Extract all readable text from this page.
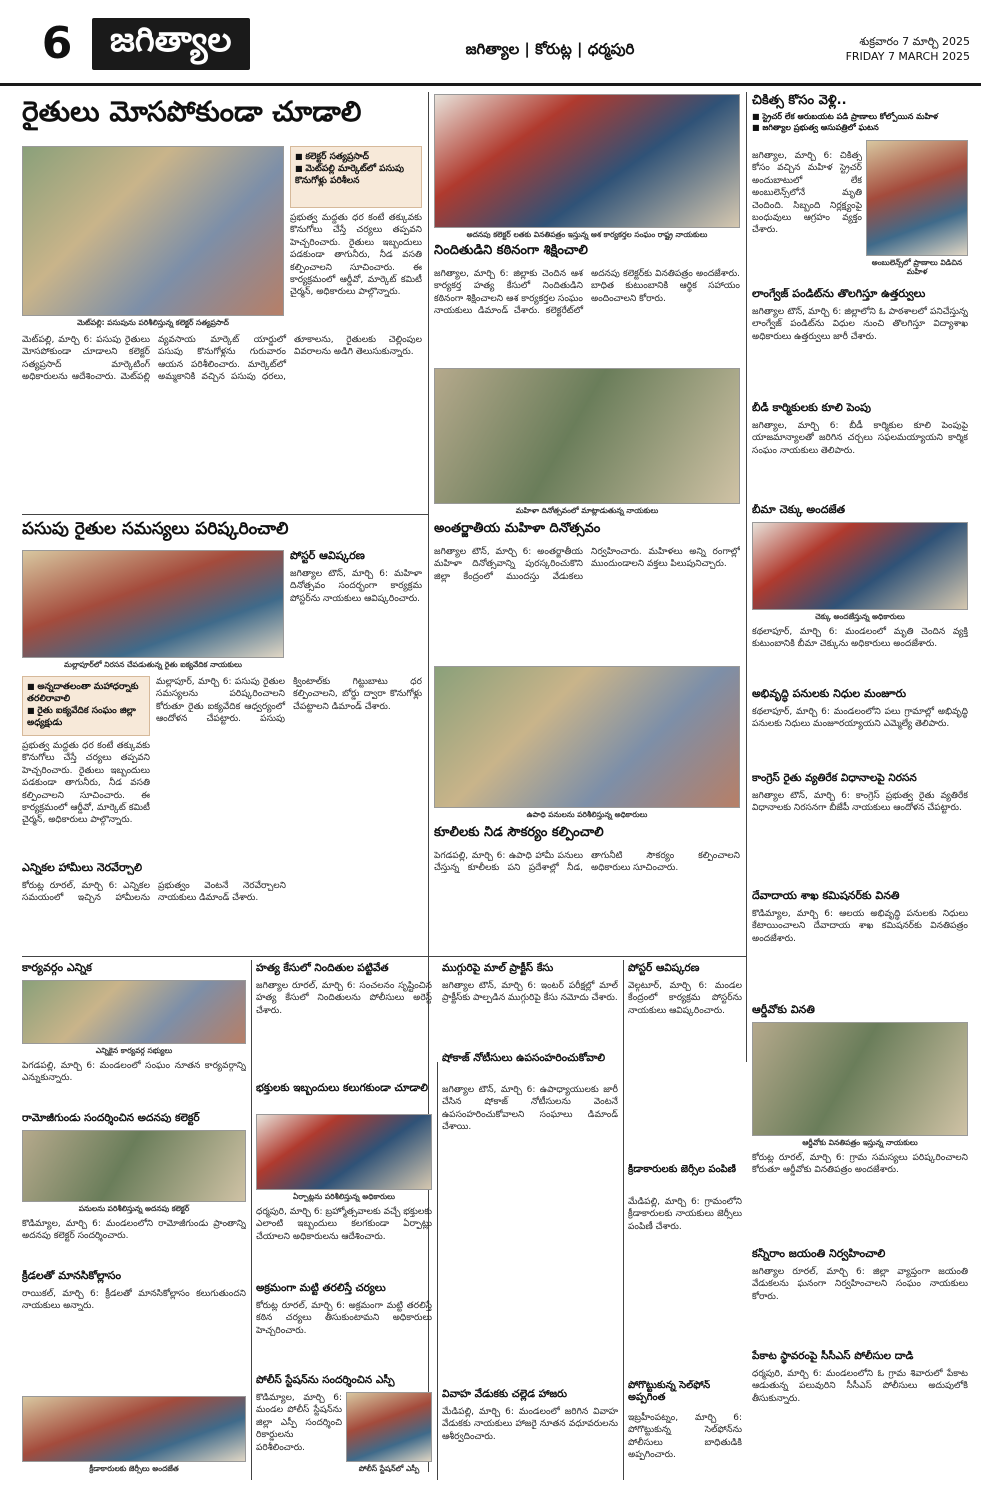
6	జగిత్యాల	జగిత్యాల | కోరుట్ల | ధర్మపురి	శుక్రవారం 7 మార్చి 2025
FRIDAY 7 MARCH 2025
రైతులు మోసపోకుండా చూడాలి
మెట్‌పల్లి: పసుపును పరిశీలిస్తున్న కలెక్టర్ సత్యప్రసాద్
■ కలెక్టర్ సత్యప్రసాద్
■ మెట్‌పల్లి మార్కెట్‌లో పసుపు కొనుగోళ్లు పరిశీలన
ప్రభుత్వ మద్దతు ధర కంటే తక్కువకు కొనుగోలు చేస్తే చర్యలు తప్పవని హెచ్చరించారు. రైతులు ఇబ్బందులు పడకుండా తాగునీరు, నీడ వసతి కల్పించాలని సూచించారు. ఈ కార్యక్రమంలో ఆర్డీవో, మార్కెట్ కమిటీ చైర్మన్, అధికారులు పాల్గొన్నారు.
మెట్‌పల్లి, మార్చి 6: పసుపు రైతులు మోసపోకుండా చూడాలని కలెక్టర్ సత్యప్రసాద్ మార్కెటింగ్ అధికారులను ఆదేశించారు. మెట్‌పల్లి వ్యవసాయ మార్కెట్ యార్డులో పసుపు కొనుగోళ్లను గురువారం ఆయన పరిశీలించారు. మార్కెట్‌లో అమ్మకానికి వచ్చిన పసుపు ధరలు, తూకాలను, రైతులకు చెల్లింపుల వివరాలను అడిగి తెలుసుకున్నారు.
అదనపు కలెక్టర్ లతకు వినతిపత్రం ఇస్తున్న ఆశ కార్యకర్తల సంఘం రాష్ట్ర నాయకులు
నిందితుడిని కఠినంగా శిక్షించాలి
జగిత్యాల, మార్చి 6: జిల్లాకు చెందిన ఆశ కార్యకర్త హత్య కేసులో నిందితుడిని కఠినంగా శిక్షించాలని ఆశ కార్యకర్తల సంఘం నాయకులు డిమాండ్ చేశారు. కలెక్టరేట్‌లో అదనపు కలెక్టర్‌కు వినతిపత్రం అందజేశారు. బాధిత కుటుంబానికి ఆర్థిక సహాయం అందించాలని కోరారు.
చికిత్స కోసం వెళ్లి..
■ స్ట్రెచర్ లేక ఆరుబయట పడి ప్రాణాలు కోల్పోయిన మహిళ
■ జగిత్యాల ప్రభుత్వ ఆసుపత్రిలో ఘటన
జగిత్యాల, మార్చి 6: చికిత్స కోసం వచ్చిన మహిళ స్ట్రెచర్ అందుబాటులో లేక అంబులెన్స్‌లోనే మృతి చెందింది. సిబ్బంది నిర్లక్ష్యంపై బంధువులు ఆగ్రహం వ్యక్తం చేశారు.
అంబులెన్స్‌లో ప్రాణాలు విడిచిన మహిళ
లాంగ్వేజ్ పండిట్‌ను తొలగిస్తూ ఉత్తర్వులు
జగిత్యాల టౌన్, మార్చి 6: జిల్లాలోని ఓ పాఠశాలలో పనిచేస్తున్న లాంగ్వేజ్ పండిట్‌ను విధుల నుంచి తొలగిస్తూ విద్యాశాఖ అధికారులు ఉత్తర్వులు జారీ చేశారు.
బీడీ కార్మికులకు కూలి పెంపు
జగిత్యాల, మార్చి 6: బీడీ కార్మికుల కూలి పెంపుపై యాజమాన్యాలతో జరిగిన చర్చలు సఫలమయ్యాయని కార్మిక సంఘం నాయకులు తెలిపారు.
బీమా చెక్కు అందజేత
చెక్కు అందజేస్తున్న అధికారులు
కథలాపూర్, మార్చి 6: మండలంలో మృతి చెందిన వ్యక్తి కుటుంబానికి బీమా చెక్కును అధికారులు అందజేశారు.
అభివృద్ధి పనులకు నిధుల మంజూరు
కథలాపూర్, మార్చి 6: మండలంలోని పలు గ్రామాల్లో అభివృద్ధి పనులకు నిధులు మంజూరయ్యాయని ఎమ్మెల్యే తెలిపారు.
కాంగ్రెస్ రైతు వ్యతిరేక విధానాలపై నిరసన
జగిత్యాల టౌన్, మార్చి 6: కాంగ్రెస్ ప్రభుత్వ రైతు వ్యతిరేక విధానాలకు నిరసనగా బీజేపీ నాయకులు ఆందోళన చేపట్టారు.
దేవాదాయ శాఖ కమిషనర్‌కు వినతి
కొడిమ్యాల, మార్చి 6: ఆలయ అభివృద్ధి పనులకు నిధులు కేటాయించాలని దేవాదాయ శాఖ కమిషనర్‌కు వినతిపత్రం అందజేశారు.
ఆర్డీవోకు వినతి
ఆర్డీవోకు వినతిపత్రం ఇస్తున్న నాయకులు
కోరుట్ల రూరల్, మార్చి 6: గ్రామ సమస్యలు పరిష్కరించాలని కోరుతూ ఆర్డీవోకు వినతిపత్రం అందజేశారు.
కన్నీరాం జయంతి నిర్వహించాలి
జగిత్యాల రూరల్, మార్చి 6: జిల్లా వ్యాప్తంగా జయంతి వేడుకలను ఘనంగా నిర్వహించాలని సంఘం నాయకులు కోరారు.
పేకాట స్థావరంపై సీసీఎస్ పోలీసుల దాడి
ధర్మపురి, మార్చి 6: మండలంలోని ఓ గ్రామ శివారులో పేకాట ఆడుతున్న పలువురిని సీసీఎస్ పోలీసులు అదుపులోకి తీసుకున్నారు.
మహిళా దినోత్సవంలో మాట్లాడుతున్న నాయకులు
అంతర్జాతీయ మహిళా దినోత్సవం
జగిత్యాల టౌన్, మార్చి 6: అంతర్జాతీయ మహిళా దినోత్సవాన్ని పురస్కరించుకొని జిల్లా కేంద్రంలో ముందస్తు వేడుకలు నిర్వహించారు. మహిళలు అన్ని రంగాల్లో ముందుండాలని వక్తలు పిలుపునిచ్చారు.
ఉపాధి పనులను పరిశీలిస్తున్న అధికారులు
కూలీలకు నీడ సౌకర్యం కల్పించాలి
పెగడపల్లి, మార్చి 6: ఉపాధి హామీ పనులు చేస్తున్న కూలీలకు పని ప్రదేశాల్లో నీడ, తాగునీటి సౌకర్యం కల్పించాలని అధికారులు సూచించారు.
పసుపు రైతుల సమస్యలు పరిష్కరించాలి
మల్లాపూర్‌లో నిరసన చేపడుతున్న రైతు ఐక్యవేదిక నాయకులు
పోస్టర్ ఆవిష్కరణ
జగిత్యాల టౌన్, మార్చి 6: మహిళా దినోత్సవం సందర్భంగా కార్యక్రమ పోస్టర్‌ను నాయకులు ఆవిష్కరించారు.
■ అన్నదాతలంతా మహాధర్నాకు తరలిరావాలి
■ రైతు ఐక్యవేదిక సంఘం జిల్లా అధ్యక్షుడు
మల్లాపూర్, మార్చి 6: పసుపు రైతుల సమస్యలను పరిష్కరించాలని కోరుతూ రైతు ఐక్యవేదిక ఆధ్వర్యంలో ఆందోళన చేపట్టారు. పసుపు క్వింటాల్‌కు గిట్టుబాటు ధర కల్పించాలని, బోర్డు ద్వారా కొనుగోళ్లు చేపట్టాలని డిమాండ్ చేశారు.
ప్రభుత్వ మద్దతు ధర కంటే తక్కువకు కొనుగోలు చేస్తే చర్యలు తప్పవని హెచ్చరించారు. రైతులు ఇబ్బందులు పడకుండా తాగునీరు, నీడ వసతి కల్పించాలని సూచించారు. ఈ కార్యక్రమంలో ఆర్డీవో, మార్కెట్ కమిటీ చైర్మన్, అధికారులు పాల్గొన్నారు.
ఎన్నికల హామీలు నెరవేర్చాలి
కోరుట్ల రూరల్, మార్చి 6: ఎన్నికల సమయంలో ఇచ్చిన హామీలను ప్రభుత్వం వెంటనే నెరవేర్చాలని నాయకులు డిమాండ్ చేశారు.
కార్యవర్గం ఎన్నిక
ఎన్నికైన కార్యవర్గ సభ్యులు
పెగడపల్లి, మార్చి 6: మండలంలో సంఘం నూతన కార్యవర్గాన్ని ఎన్నుకున్నారు.
రామోజీగుండు సందర్శించిన అదనపు కలెక్టర్
పనులను పరిశీలిస్తున్న అదనపు కలెక్టర్
కొడిమ్యాల, మార్చి 6: మండలంలోని రామోజీగుండు ప్రాంతాన్ని అదనపు కలెక్టర్ సందర్శించారు.
క్రీడలతో మానసికోల్లాసం
రాయికల్, మార్చి 6: క్రీడలతో మానసికోల్లాసం కలుగుతుందని నాయకులు అన్నారు.
క్రీడాకారులకు జెర్సీలు అందజేత
హత్య కేసులో నిందితుల పట్టివేత
జగిత్యాల రూరల్, మార్చి 6: సంచలనం సృష్టించిన హత్య కేసులో నిందితులను పోలీసులు అరెస్ట్ చేశారు.
భక్తులకు ఇబ్బందులు కలుగకుండా చూడాలి
ఏర్పాట్లను పరిశీలిస్తున్న అధికారులు
ధర్మపురి, మార్చి 6: బ్రహ్మోత్సవాలకు వచ్చే భక్తులకు ఎలాంటి ఇబ్బందులు కలగకుండా ఏర్పాట్లు చేయాలని అధికారులను ఆదేశించారు.
అక్రమంగా మట్టి తరలిస్తే చర్యలు
కోరుట్ల రూరల్, మార్చి 6: అక్రమంగా మట్టి తరలిస్తే కఠిన చర్యలు తీసుకుంటామని అధికారులు హెచ్చరించారు.
పోలీస్ స్టేషన్‌ను సందర్శించిన ఎస్పీ
కొడిమ్యాల, మార్చి 6: మండల పోలీస్ స్టేషన్‌ను జిల్లా ఎస్పీ సందర్శించి రికార్డులను పరిశీలించారు.
పోలీస్ స్టేషన్‌లో ఎస్పీ
ముగ్గురిపై మాల్ ప్రాక్టీస్ కేసు
జగిత్యాల టౌన్, మార్చి 6: ఇంటర్ పరీక్షల్లో మాల్ ప్రాక్టీస్‌కు పాల్పడిన ముగ్గురిపై కేసు నమోదు చేశారు.
షోకాజ్ నోటీసులు ఉపసంహరించుకోవాలి
జగిత్యాల టౌన్, మార్చి 6: ఉపాధ్యాయులకు జారీ చేసిన షోకాజ్ నోటీసులను వెంటనే ఉపసంహరించుకోవాలని సంఘాలు డిమాండ్ చేశాయి.
వివాహ వేడుకకు చల్లెడ హాజరు
మేడిపల్లి, మార్చి 6: మండలంలో జరిగిన వివాహ వేడుకకు నాయకులు హాజరై నూతన వధూవరులను ఆశీర్వదించారు.
పోస్టర్ ఆవిష్కరణ
వెల్గటూర్, మార్చి 6: మండల కేంద్రంలో కార్యక్రమ పోస్టర్‌ను నాయకులు ఆవిష్కరించారు.
క్రీడాకారులకు జెర్సీల పంపిణీ
మేడిపల్లి, మార్చి 6: గ్రామంలోని క్రీడాకారులకు నాయకులు జెర్సీలు పంపిణీ చేశారు.
పోగొట్టుకున్న సెల్‌ఫోన్ అప్పగింత
ఇబ్రహీంపట్నం, మార్చి 6: పోగొట్టుకున్న సెల్‌ఫోన్‌ను పోలీసులు బాధితుడికి అప్పగించారు.
